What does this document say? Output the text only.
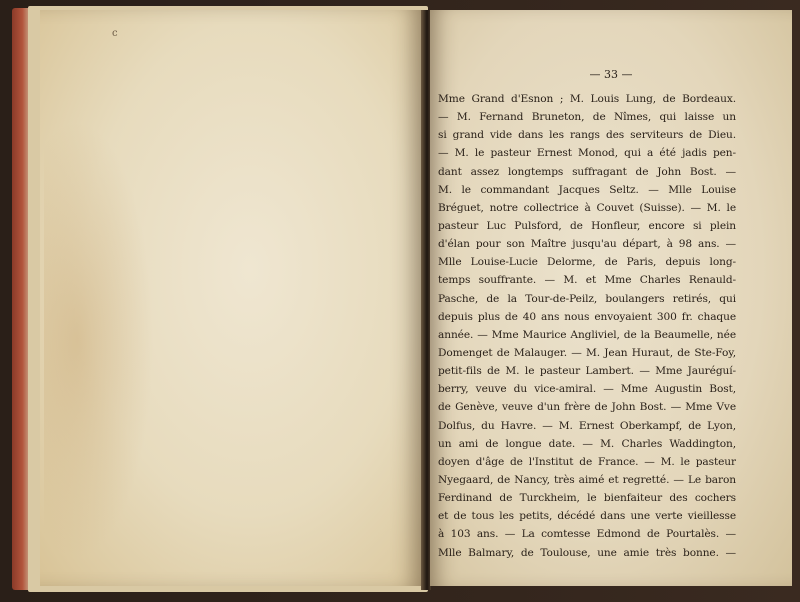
c
— 33 —
Mme Grand d'Esnon ; M. Louis Lung, de Bordeaux.
— M. Fernand Bruneton, de Nîmes, qui laisse un
si grand vide dans les rangs des serviteurs de Dieu.
— M. le pasteur Ernest Monod, qui a été jadis pen-
dant assez longtemps suffragant de John Bost. —
M. le commandant Jacques Seltz. — Mlle Louise
Bréguet, notre collectrice à Couvet (Suisse). — M. le
pasteur Luc Pulsford, de Honfleur, encore si plein
d'élan pour son Maître jusqu'au départ, à 98 ans. —
Mlle Louise-Lucie Delorme, de Paris, depuis long-
temps souffrante. — M. et Mme Charles Renauld-
Pasche, de la Tour-de-Peilz, boulangers retirés, qui
depuis plus de 40 ans nous envoyaient 300 fr. chaque
année. — Mme Maurice Angliviel, de la Beaumelle, née
Domenget de Malauger. — M. Jean Huraut, de Ste-Foy,
petit-fils de M. le pasteur Lambert. — Mme Jauréguí-
berry, veuve du vice-amiral. — Mme Augustin Bost,
de Genève, veuve d'un frère de John Bost. — Mme Vve
Dolfus, du Havre. — M. Ernest Oberkampf, de Lyon,
un ami de longue date. — M. Charles Waddington,
doyen d'âge de l'Institut de France. — M. le pasteur
Nyegaard, de Nancy, très aimé et regretté. — Le baron
Ferdinand de Turckheim, le bienfaiteur des cochers
et de tous les petits, décédé dans une verte vieillesse
à 103 ans. — La comtesse Edmond de Pourtalès. —
Mlle Balmary, de Toulouse, une amie très bonne. —
